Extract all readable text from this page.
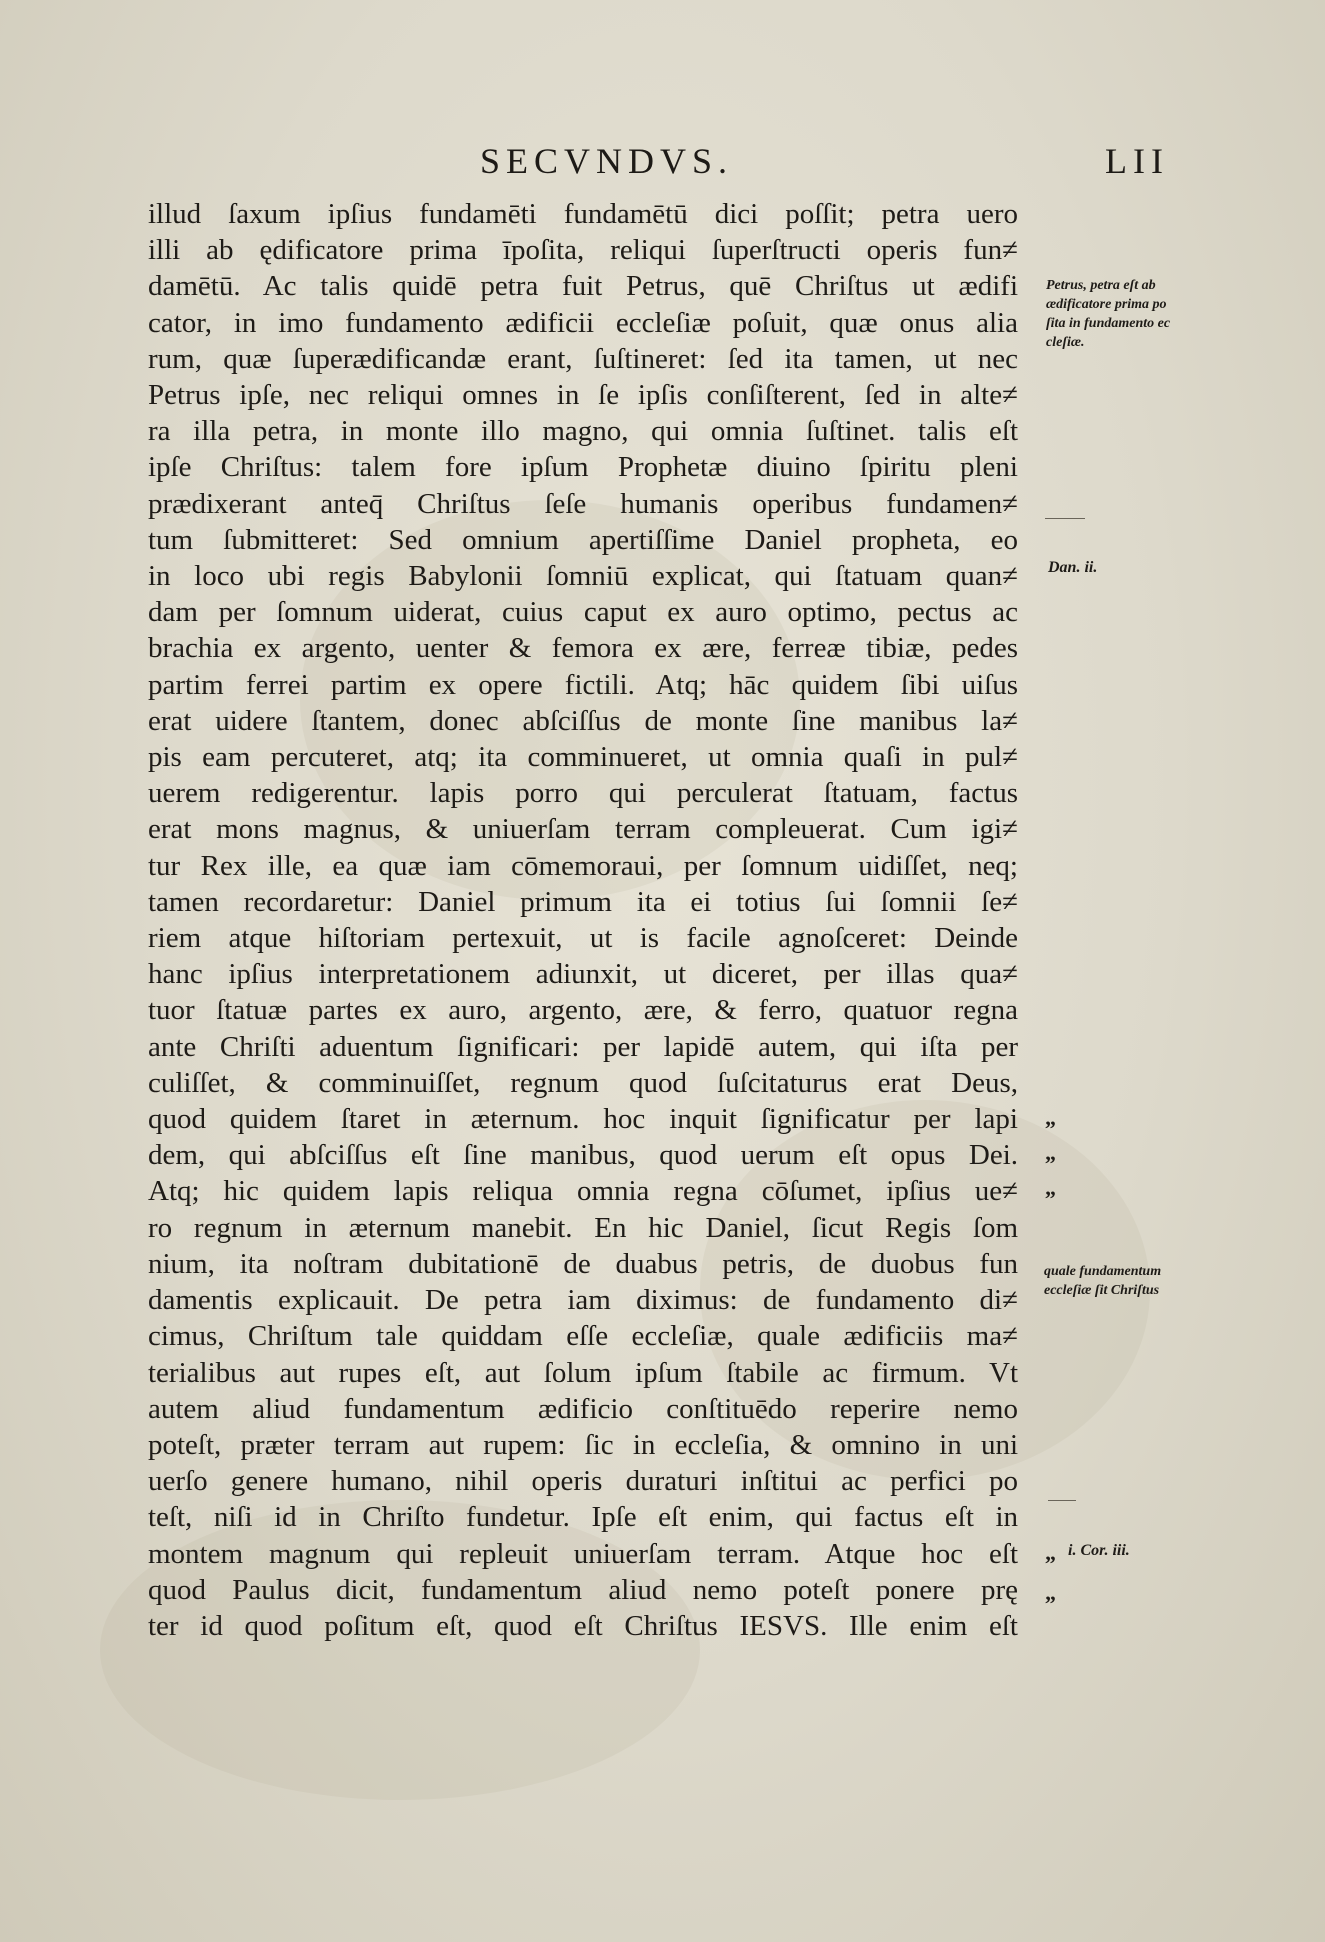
SECVNDVS.	LII
illud ſaxum ipſius fundamēti fundamētū dici poſſit; petra uero
illi ab ędificatore prima īpoſita, reliqui ſuperſtructi operis fun≠
damētū. Ac talis quidē petra fuit Petrus, quē Chriſtus ut ædifi
cator, in imo fundamento ædificii eccleſiæ poſuit, quæ onus alia
rum, quæ ſuperædificandæ erant, ſuſtineret: ſed ita tamen, ut nec
Petrus ipſe, nec reliqui omnes in ſe ipſis conſiſterent, ſed in alte≠
ra illa petra, in monte illo magno, qui omnia ſuſtinet. talis eſt
ipſe Chriſtus: talem fore ipſum Prophetæ diuino ſpiritu pleni
prædixerant anteq̄ Chriſtus ſeſe humanis operibus fundamen≠
tum ſubmitteret: Sed omnium apertiſſime Daniel propheta, eo
in loco ubi regis Babylonii ſomniū explicat, qui ſtatuam quan≠
dam per ſomnum uiderat, cuius caput ex auro optimo, pectus ac
brachia ex argento, uenter & femora ex ære, ferreæ tibiæ, pedes
partim ferrei partim ex opere fictili. Atq; hāc quidem ſibi uiſus
erat uidere ſtantem, donec abſciſſus de monte ſine manibus la≠
pis eam percuteret, atq; ita comminueret, ut omnia quaſi in pul≠
uerem redigerentur. lapis porro qui perculerat ſtatuam, factus
erat mons magnus, & uniuerſam terram compleuerat. Cum igi≠
tur Rex ille, ea quæ iam cōmemoraui, per ſomnum uidiſſet, neq;
tamen recordaretur: Daniel primum ita ei totius ſui ſomnii ſe≠
riem atque hiſtoriam pertexuit, ut is facile agnoſceret: Deinde
hanc ipſius interpretationem adiunxit, ut diceret, per illas qua≠
tuor ſtatuæ partes ex auro, argento, ære, & ferro, quatuor regna
ante Chriſti aduentum ſignificari: per lapidē autem, qui iſta per
culiſſet, & comminuiſſet, regnum quod ſuſcitaturus erat Deus,
quod quidem ſtaret in æternum. hoc inquit ſignificatur per lapi
dem, qui abſciſſus eſt ſine manibus, quod uerum eſt opus Dei.
Atq; hic quidem lapis reliqua omnia regna cōſumet, ipſius ue≠
ro regnum in æternum manebit. En hic Daniel, ſicut Regis ſom
nium, ita noſtram dubitationē de duabus petris, de duobus fun
damentis explicauit. De petra iam diximus: de fundamento di≠
cimus, Chriſtum tale quiddam eſſe eccleſiæ, quale ædificiis ma≠
terialibus aut rupes eſt, aut ſolum ipſum ſtabile ac firmum. Vt
autem aliud fundamentum ædificio conſtituēdo reperire nemo
poteſt, præter terram aut rupem: ſic in eccleſia, & omnino in uni
uerſo genere humano, nihil operis duraturi inſtitui ac perfici po
teſt, niſi id in Chriſto fundetur. Ipſe eſt enim, qui factus eſt in
montem magnum qui repleuit uniuerſam terram. Atque hoc eſt
quod Paulus dicit, fundamentum aliud nemo poteſt ponere prę
ter id quod poſitum eſt, quod eſt Chriſtus IESVS. Ille enim eſt
Petrus, petra eſt ab
ædificatore prima po
ſita in fundamento ec
cleſiæ.
Dan. ii.
„
„
„
quale fundamentum
eccleſiæ ſit Chriſtus
„ i. Cor. iii.
„
